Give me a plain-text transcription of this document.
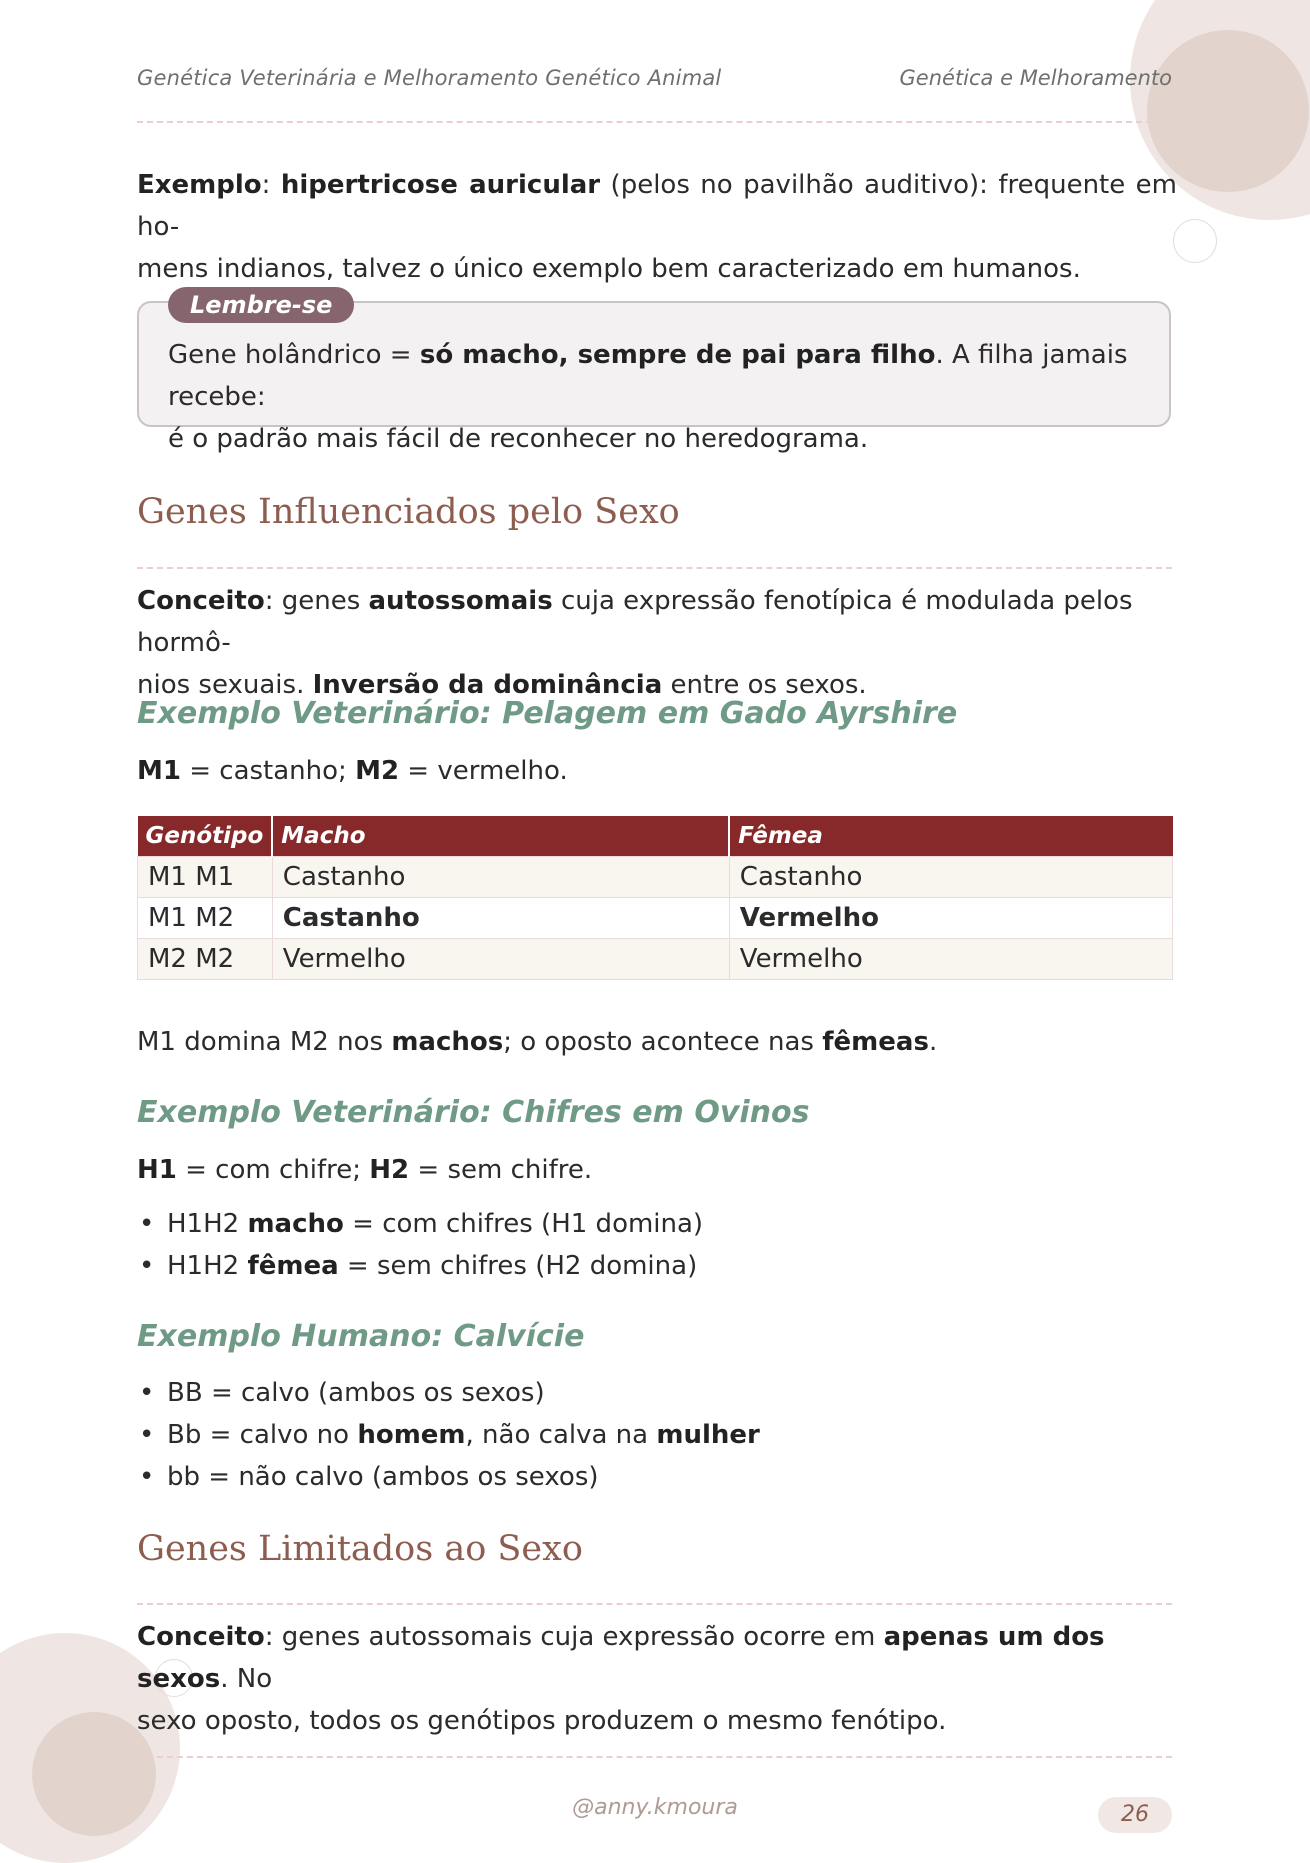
Genética Veterinária e Melhoramento Genético Animal	Genética e Melhoramento
Exemplo: hipertricose auricular (pelos no pavilhão auditivo): frequente em ho-
mens indianos, talvez o único exemplo bem caracterizado em humanos.
Lembre-se
Gene holândrico = só macho, sempre de pai para filho. A filha jamais recebe:
é o padrão mais fácil de reconhecer no heredograma.
Genes Influenciados pelo Sexo
Conceito: genes autossomais cuja expressão fenotípica é modulada pelos hormô-
nios sexuais. Inversão da dominância entre os sexos.
Exemplo Veterinário: Pelagem em Gado Ayrshire
M1 = castanho; M2 = vermelho.
Genótipo	Macho	Fêmea
M1 M1	Castanho	Castanho
M1 M2	Castanho	Vermelho
M2 M2	Vermelho	Vermelho
M1 domina M2 nos machos; o oposto acontece nas fêmeas.
Exemplo Veterinário: Chifres em Ovinos
H1 = com chifre; H2 = sem chifre.
• H1H2 macho = com chifres (H1 domina)
• H1H2 fêmea = sem chifres (H2 domina)
Exemplo Humano: Calvície
• BB = calvo (ambos os sexos)
• Bb = calvo no homem, não calva na mulher
• bb = não calvo (ambos os sexos)
Genes Limitados ao Sexo
Conceito: genes autossomais cuja expressão ocorre em apenas um dos sexos. No
sexo oposto, todos os genótipos produzem o mesmo fenótipo.
@anny.kmoura	26
